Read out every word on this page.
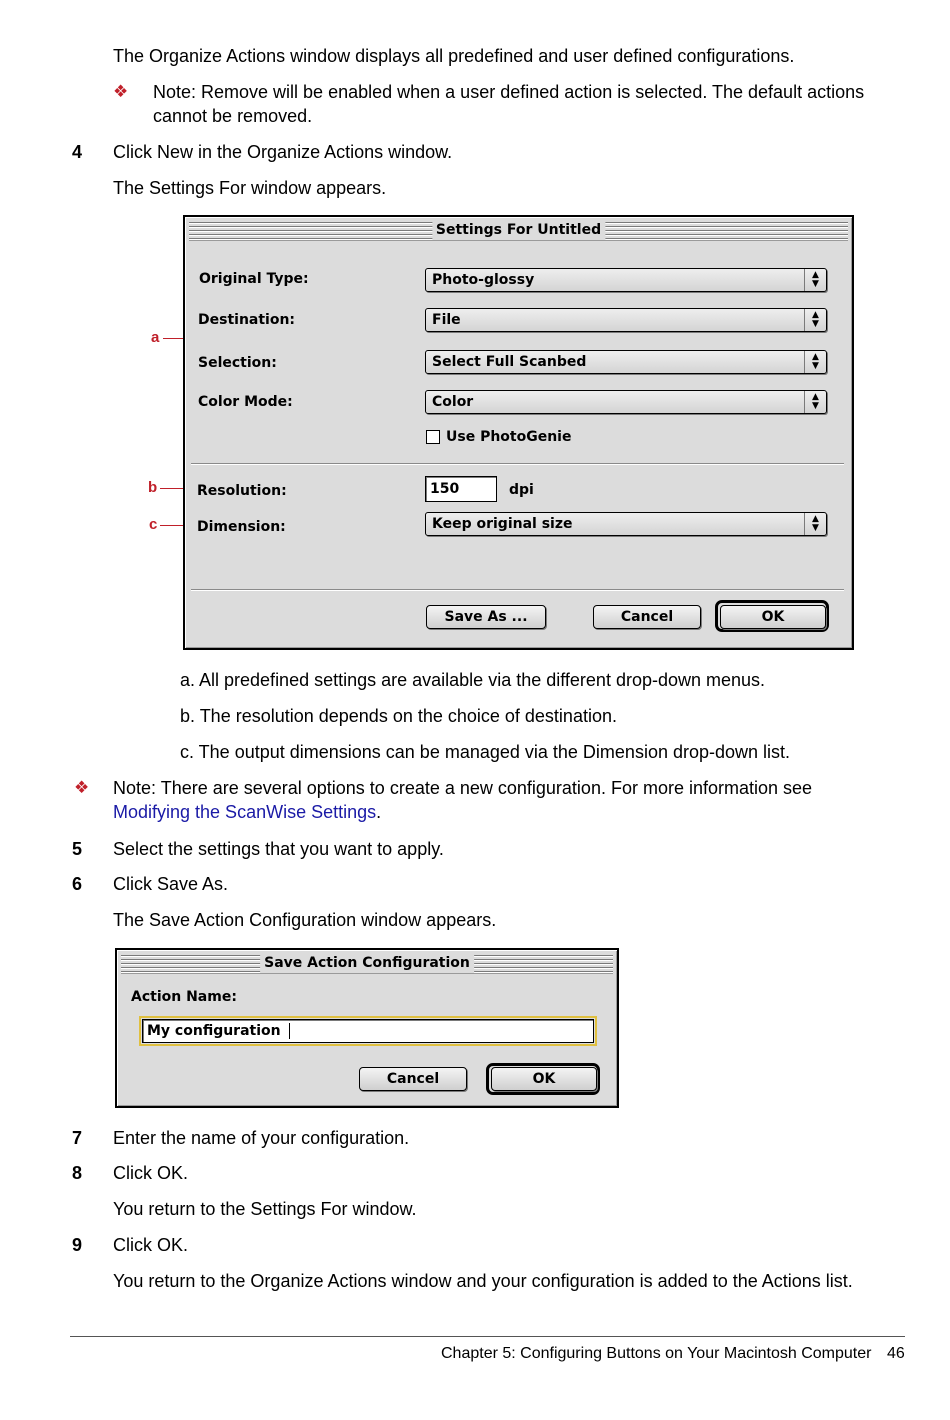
The Organize Actions window displays all predefined and user defined configurations.
❖ Note: Remove will be enabled when a user defined action is selected. The default actions
cannot be removed.
4 Click New in the Organize Actions window.
The Settings For window appears.
a
b
c
Settings For Untitled
Original Type:	Photo-glossy	▲
▼
Destination:	File	▲
▼
Selection:	Select Full Scanbed	▲
▼
Color Mode:	Color	▲
▼
Use PhotoGenie
Resolution:	150	dpi
Dimension:	Keep original size	▲
▼
Save As ...	Cancel	OK
a. All predefined settings are available via the different drop-down menus.
b. The resolution depends on the choice of destination.
c. The output dimensions can be managed via the Dimension drop-down list.
❖ Note: There are several options to create a new configuration. For more information see
Modifying the ScanWise Settings.
5 Select the settings that you want to apply.
6 Click Save As.
The Save Action Configuration window appears.
Save Action Configuration
Action Name:
My configuration
Cancel	OK
7 Enter the name of your configuration.
8 Click OK.
You return to the Settings For window.
9 Click OK.
You return to the Organize Actions window and your configuration is added to the Actions list.
Chapter 5: Configuring Buttons on Your Macintosh Computer 46
